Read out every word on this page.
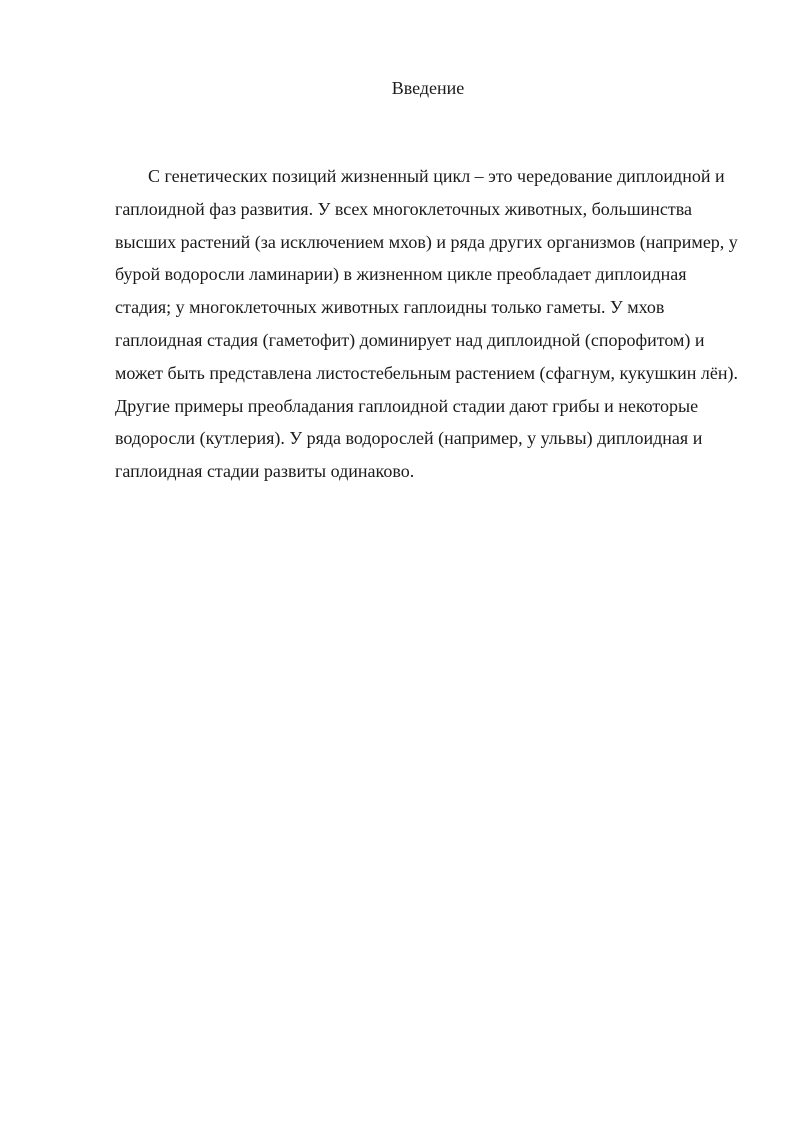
Введение

С генетических позиций жизненный цикл – это чередование диплоидной и гаплоидной фаз развития. У всех многоклеточных животных, большинства высших растений (за исключением мхов) и ряда других организмов (например, у бурой водоросли ламинарии) в жизненном цикле преобладает диплоидная стадия; у многоклеточных животных гаплоидны только гаметы. У мхов гаплоидная стадия (гаметофит) доминирует над диплоидной (спорофитом) и может быть представлена листостебельным растением (сфагнум, кукушкин лён). Другие примеры преобладания гаплоидной стадии дают грибы и некоторые водоросли (кутлерия). У ряда водорослей (например, у ульвы) диплоидная и гаплоидная стадии развиты одинаково.
